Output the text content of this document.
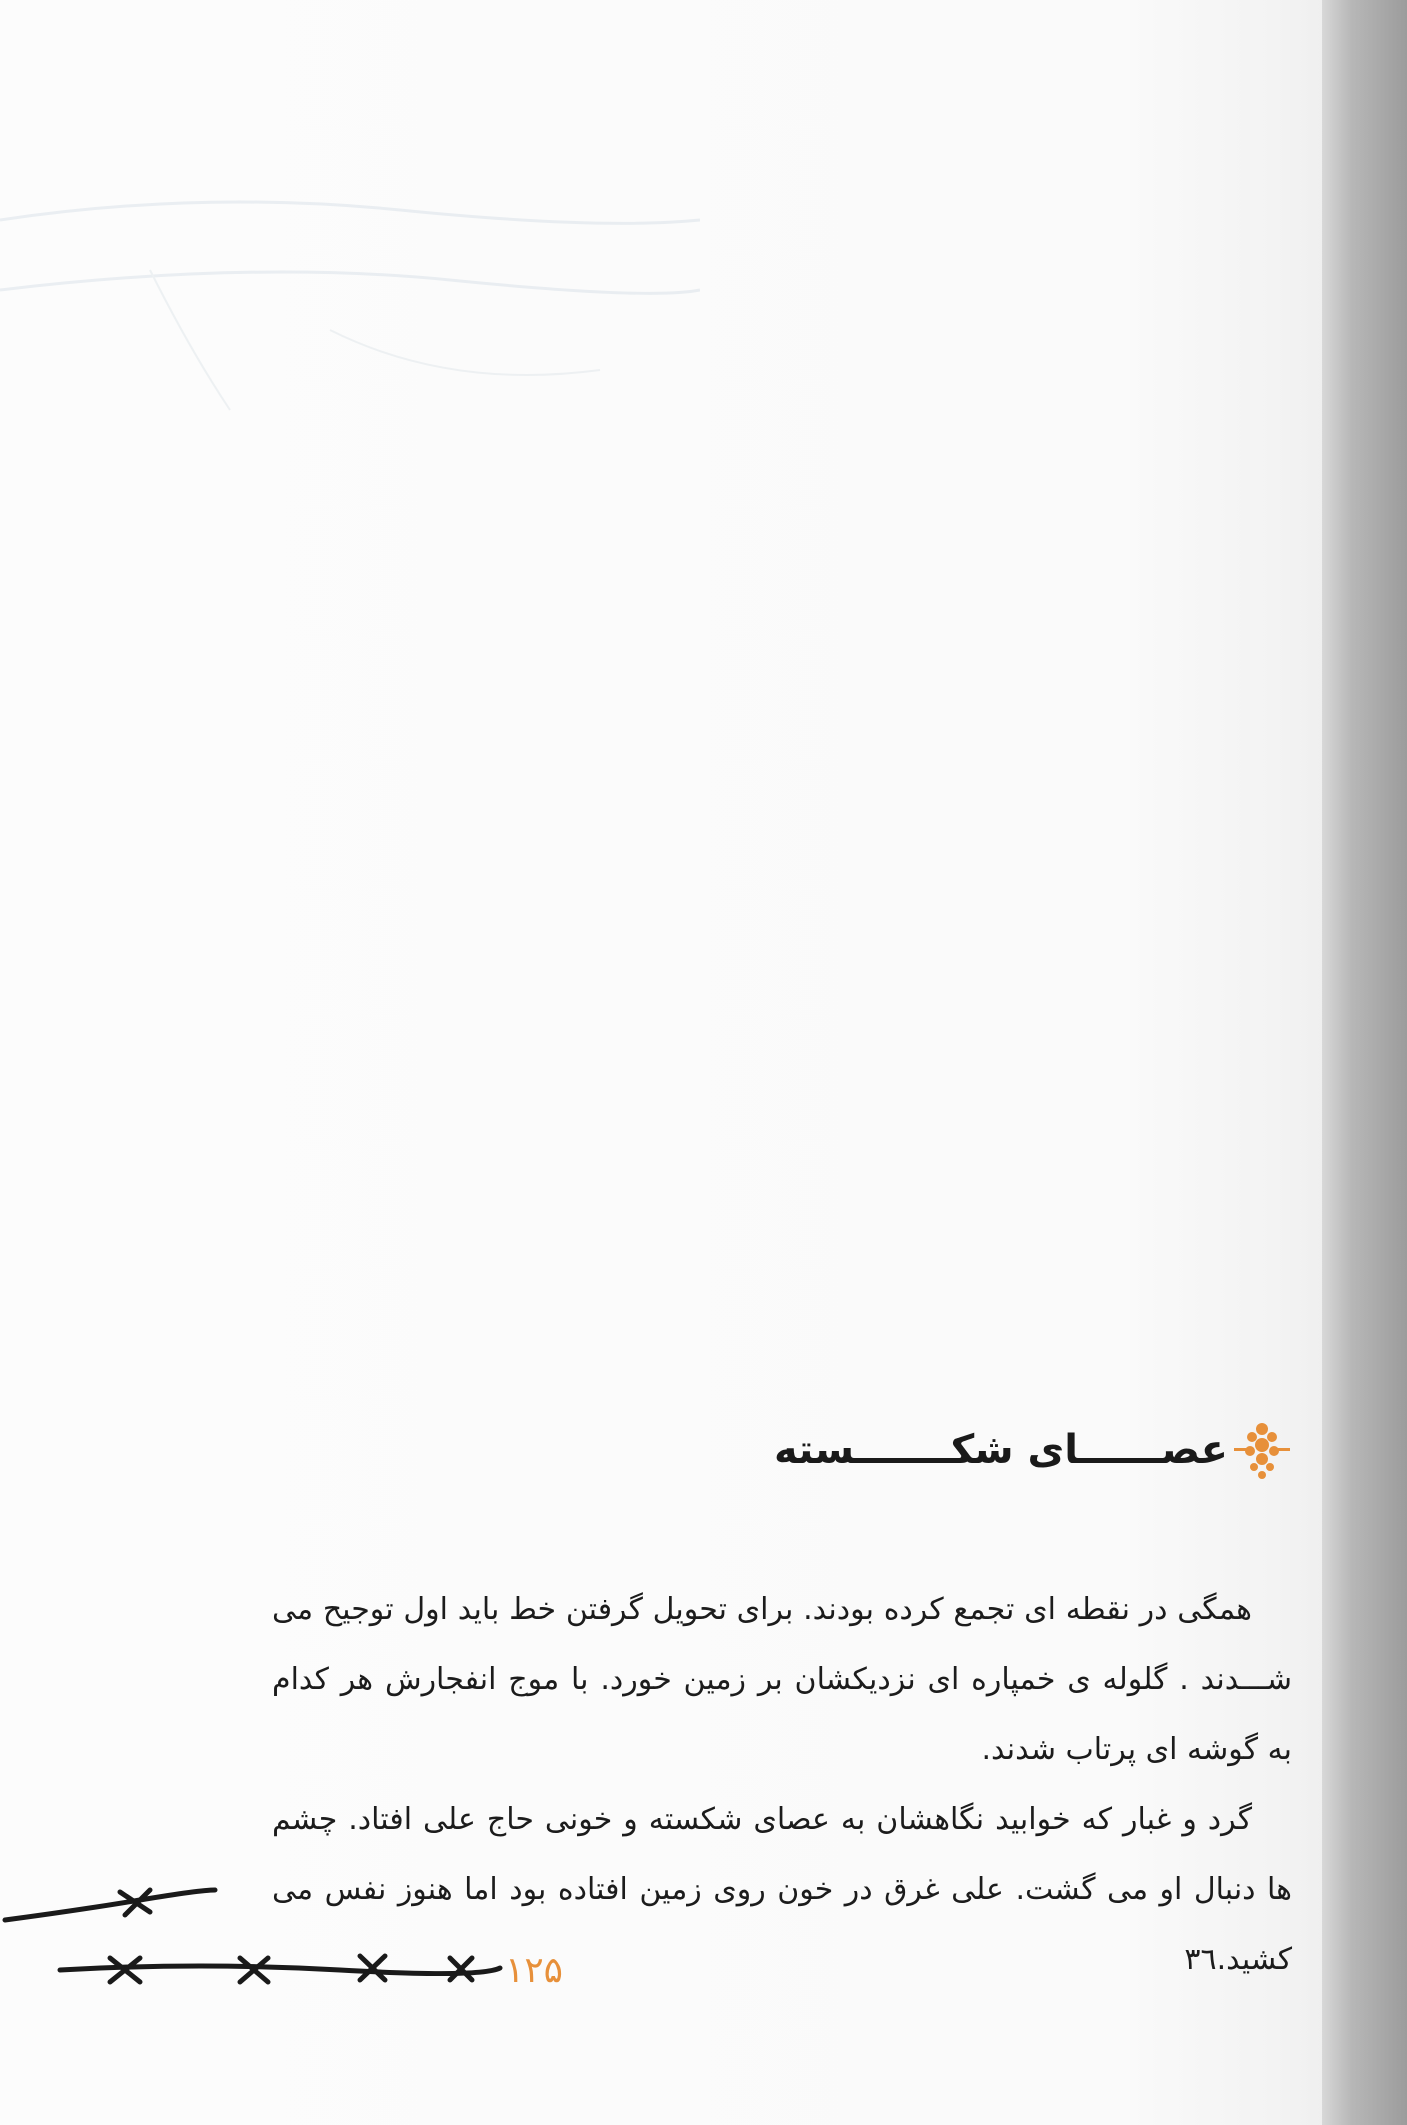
عصــــــای شکـــــــسته

همگی در نقطه ای تجمع کرده بودند. برای تحویل گرفتن خط باید اول توجیح می شـــدند . گلوله ی خمپاره ای نزدیکشان بر زمین خورد. با موج انفجارش هر کدام به گوشه ای پرتاب شدند.

گرد و غبار که خوابید نگاهشان به عصای شکسته و خونی حاج علی افتاد. چشم ها دنبال او می گشت. علی غرق در خون روی زمین افتاده بود اما هنوز نفس می کشید.۳٦

۱۲۵
